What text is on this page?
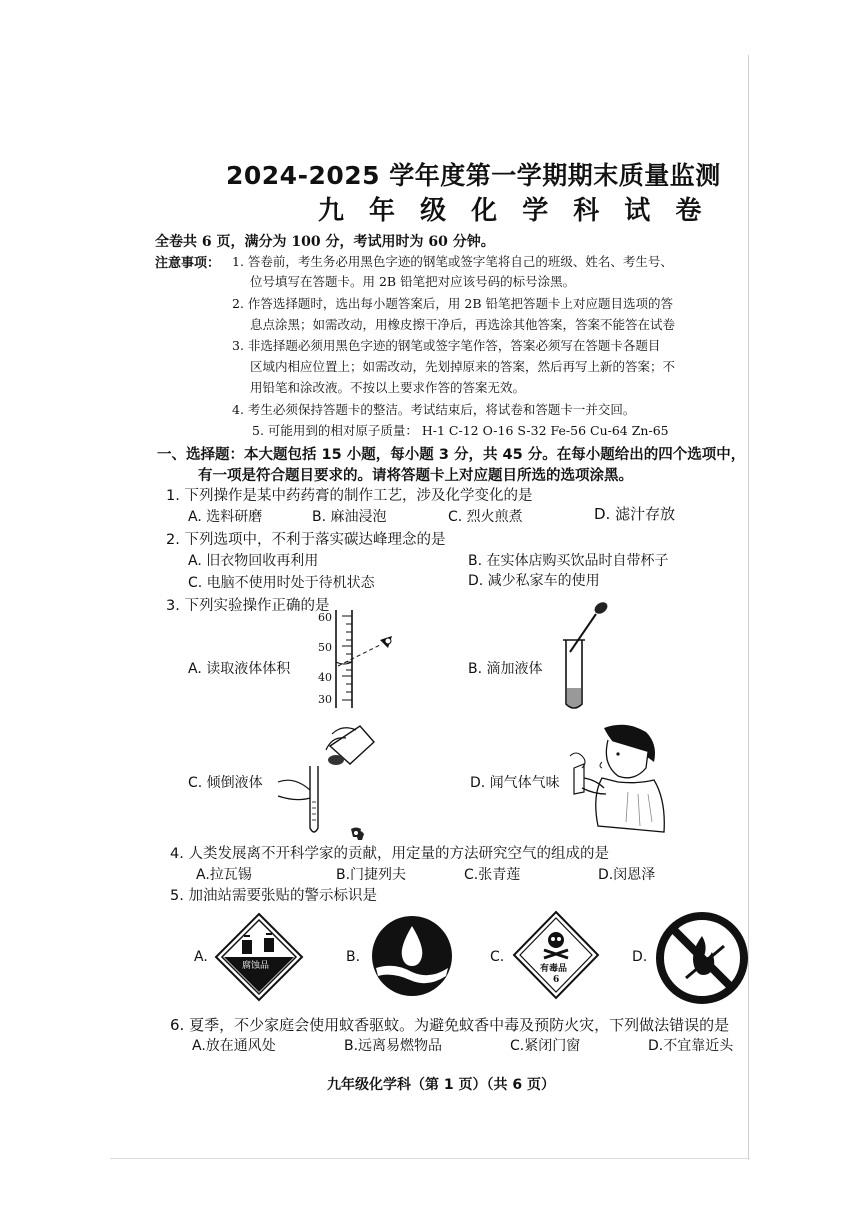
2024-2025 学年度第一学期期末质量监测
九 年 级 化 学 科 试 卷
全卷共 6 页，满分为 100 分，考试用时为 60 分钟。
注意事项： 1. 答卷前，考生务必用黑色字迹的钢笔或签字笔将自己的班级、姓名、考生号、
位号填写在答题卡。用 2B 铅笔把对应该号码的标号涂黑。
2. 作答选择题时，选出每小题答案后，用 2B 铅笔把答题卡上对应题目选项的答
息点涂黑；如需改动，用橡皮擦干净后，再选涂其他答案，答案不能答在试卷
3. 非选择题必须用黑色字迹的钢笔或签字笔作答，答案必须写在答题卡各题目
区域内相应位置上；如需改动，先划掉原来的答案，然后再写上新的答案；不
用铅笔和涂改液。不按以上要求作答的答案无效。
4. 考生必须保持答题卡的整洁。考试结束后，将试卷和答题卡一并交回。
5. 可能用到的相对原子质量： H-1 C-12 O-16 S-32 Fe-56 Cu-64 Zn-65
一、选择题：本大题包括 15 小题，每小题 3 分，共 45 分。在每小题给出的四个选项中，
有一项是符合题目要求的。请将答题卡上对应题目所选的选项涂黑。
1. 下列操作是某中药药膏的制作工艺，涉及化学变化的是
A. 选料研磨	B. 麻油浸泡	C. 烈火煎煮	D. 滤汁存放
2. 下列选项中，不利于落实碳达峰理念的是
A. 旧衣物回收再利用	B. 在实体店购买饮品时自带杯子
C. 电脑不使用时处于待机状态	D. 减少私家车的使用
3. 下列实验操作正确的是
A. 读取液体体积	B. 滴加液体
C. 倾倒液体	D. 闻气体气味
60
50
40
30
4. 人类发展离不开科学家的贡献，用定量的方法研究空气的组成的是
A.拉瓦锡	B.门捷列夫	C.张青莲	D.闵恩泽
5. 加油站需要张贴的警示标识是
A.	B.	C.	D.
腐蚀品	有毒品
6
6. 夏季，不少家庭会使用蚊香驱蚊。为避免蚊香中毒及预防火灾，下列做法错误的是
A.放在通风处	B.远离易燃物品	C.紧闭门窗	D.不宜靠近头
九年级化学科（第 1 页）（共 6 页）
